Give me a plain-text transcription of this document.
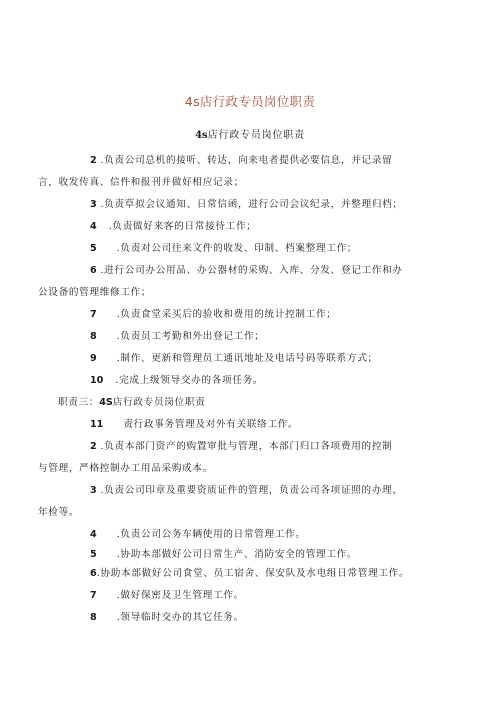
4s店行政专员岗位职责
4s店行政专员岗位职责
2 .负责公司总机的接听、转达，向来电者提供必要信息，并记录留
言，收发传真、信件和报刊并做好相应记录；
3 .负责草拟会议通知、日常信函，进行公司会议纪录，并整理归档；
4 .负责做好来客的日常接待工作；
5 .负责对公司往来文件的收发、印制、档案整理工作；
6 .进行公司办公用品、办公器材的采购、入库、分发、登记工作和办
公设备的管理维修工作；
7 .负责食堂采买后的验收和费用的统计控制工作；
8 .负责员工考勤和外出登记工作；
9 .制作、更新和管理员工通讯地址及电话号码等联系方式；
10 .完成上级领导交办的各项任务。
职责三：4S店行政专员岗位职责
11 责行政事务管理及对外有关联络工作。
2 .负责本部门资产的购置审批与管理，本部门归口各项费用的控制
与管理，严格控制办工用品采购成本。
3 .负责公司印章及重要资质证件的管理，负责公司各项证照的办理、
年检等。
4 .负责公司公务车辆使用的日常管理工作。
5 .协助本部做好公司日常生产、消防安全的管理工作。
6.协助本部做好公司食堂、员工宿舍、保安队及水电组日常管理工作。
7 .做好保密及卫生管理工作。
8 .领导临时交办的其它任务。
